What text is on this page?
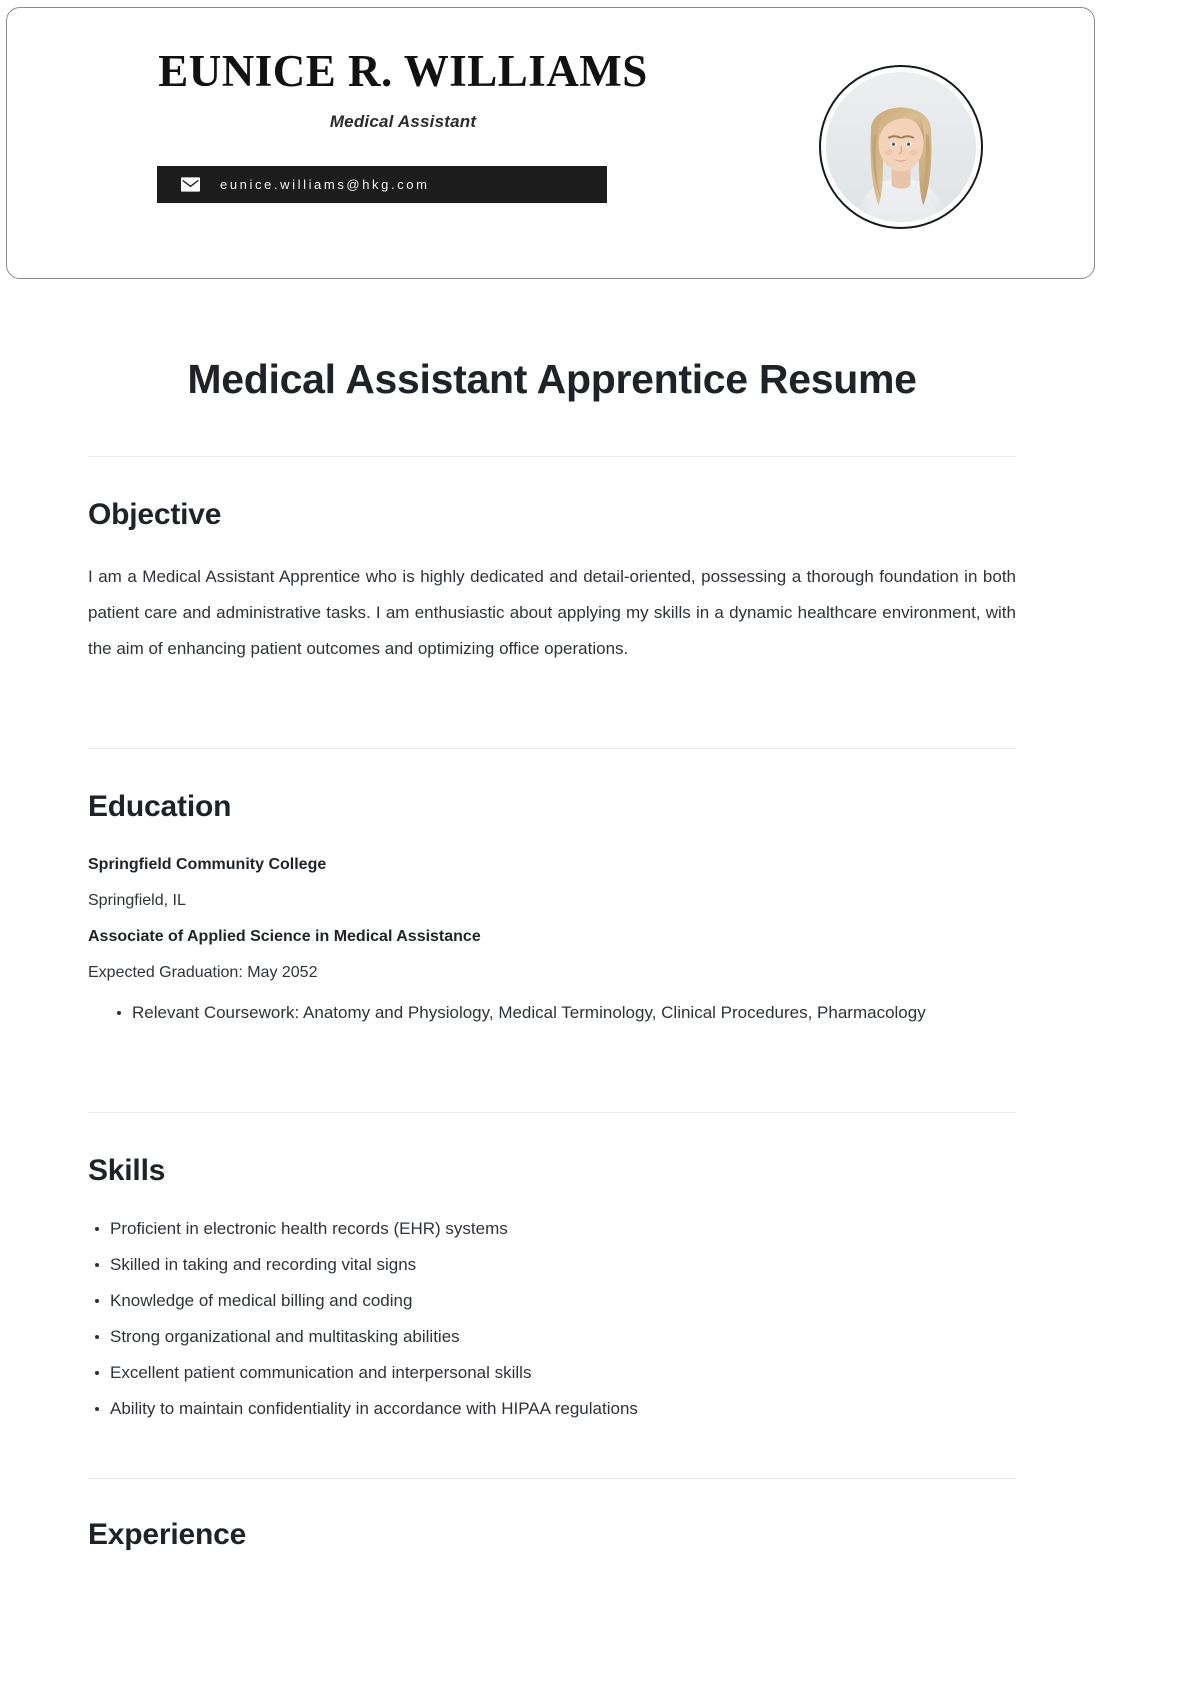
EUNICE R. WILLIAMS
Medical Assistant
eunice.williams@hkg.com
Medical Assistant Apprentice Resume
Objective

I am a Medical Assistant Apprentice who is highly dedicated and detail-oriented, possessing a thorough foundation in both patient care and administrative tasks. I am enthusiastic about applying my skills in a dynamic healthcare environment, with the aim of enhancing patient outcomes and optimizing office operations.

Education
Springfield Community College
Springfield, IL
Associate of Applied Science in Medical Assistance
Expected Graduation: May 2052
Relevant Coursework: Anatomy and Physiology, Medical Terminology, Clinical Procedures, Pharmacology
Skills
Proficient in electronic health records (EHR) systems
Skilled in taking and recording vital signs
Knowledge of medical billing and coding
Strong organizational and multitasking abilities
Excellent patient communication and interpersonal skills
Ability to maintain confidentiality in accordance with HIPAA regulations
Experience
